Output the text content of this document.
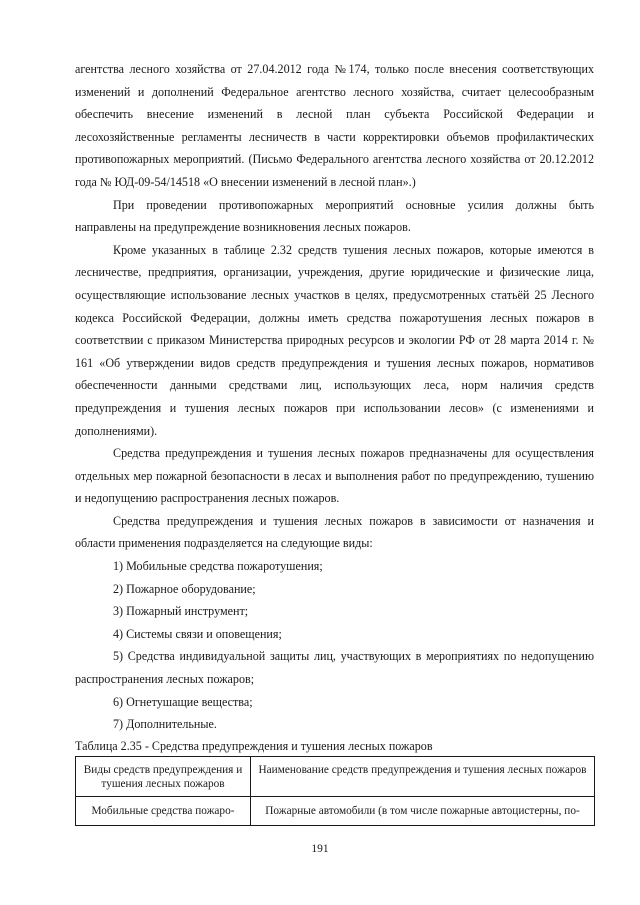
агентства лесного хозяйства от 27.04.2012 года №174, только после внесения соответствующих изменений и дополнений Федеральное агентство лесного хозяйства, считает целесообразным обеспечить внесение изменений в лесной план субъекта Российской Федерации и лесохозяйственные регламенты лесничеств в части корректировки объемов профилактических противопожарных мероприятий. (Письмо Федерального агентства лесного хозяйства от 20.12.2012 года № ЮД-09-54/14518 «О внесении изменений в лесной план».)

При проведении противопожарных мероприятий основные усилия должны быть направлены на предупреждение возникновения лесных пожаров.

Кроме указанных в таблице 2.32 средств тушения лесных пожаров, которые имеются в лесничестве, предприятия, организации, учреждения, другие юридические и физические лица, осуществляющие использование лесных участков в целях, предусмотренных статьёй 25 Лесного кодекса Российской Федерации, должны иметь средства пожаротушения лесных пожаров в соответствии с приказом Министерства природных ресурсов и экологии РФ от 28 марта 2014 г. № 161 «Об утверждении видов средств предупреждения и тушения лесных пожаров, нормативов обеспеченности данными средствами лиц, использующих леса, норм наличия средств предупреждения и тушения лесных пожаров при использовании лесов» (с изменениями и дополнениями).

Средства предупреждения и тушения лесных пожаров предназначены для осуществления отдельных мер пожарной безопасности в лесах и выполнения работ по предупреждению, тушению и недопущению распространения лесных пожаров.

Средства предупреждения и тушения лесных пожаров в зависимости от назначения и области применения подразделяется на следующие виды:

1) Мобильные средства пожаротушения;

2) Пожарное оборудование;

3) Пожарный инструмент;

4) Системы связи и оповещения;

5) Средства индивидуальной защиты лиц, участвующих в мероприятиях по недопущению распространения лесных пожаров;

6) Огнетушащие вещества;

7) Дополнительные.

Таблица 2.35 - Средства предупреждения и тушения лесных пожаров
Виды средств предупреждения и тушения лесных пожаров	Наименование средств предупреждения и тушения лесных пожаров
Мобильные средства пожаро-	Пожарные автомобили (в том числе пожарные автоцистерны, по-
191
